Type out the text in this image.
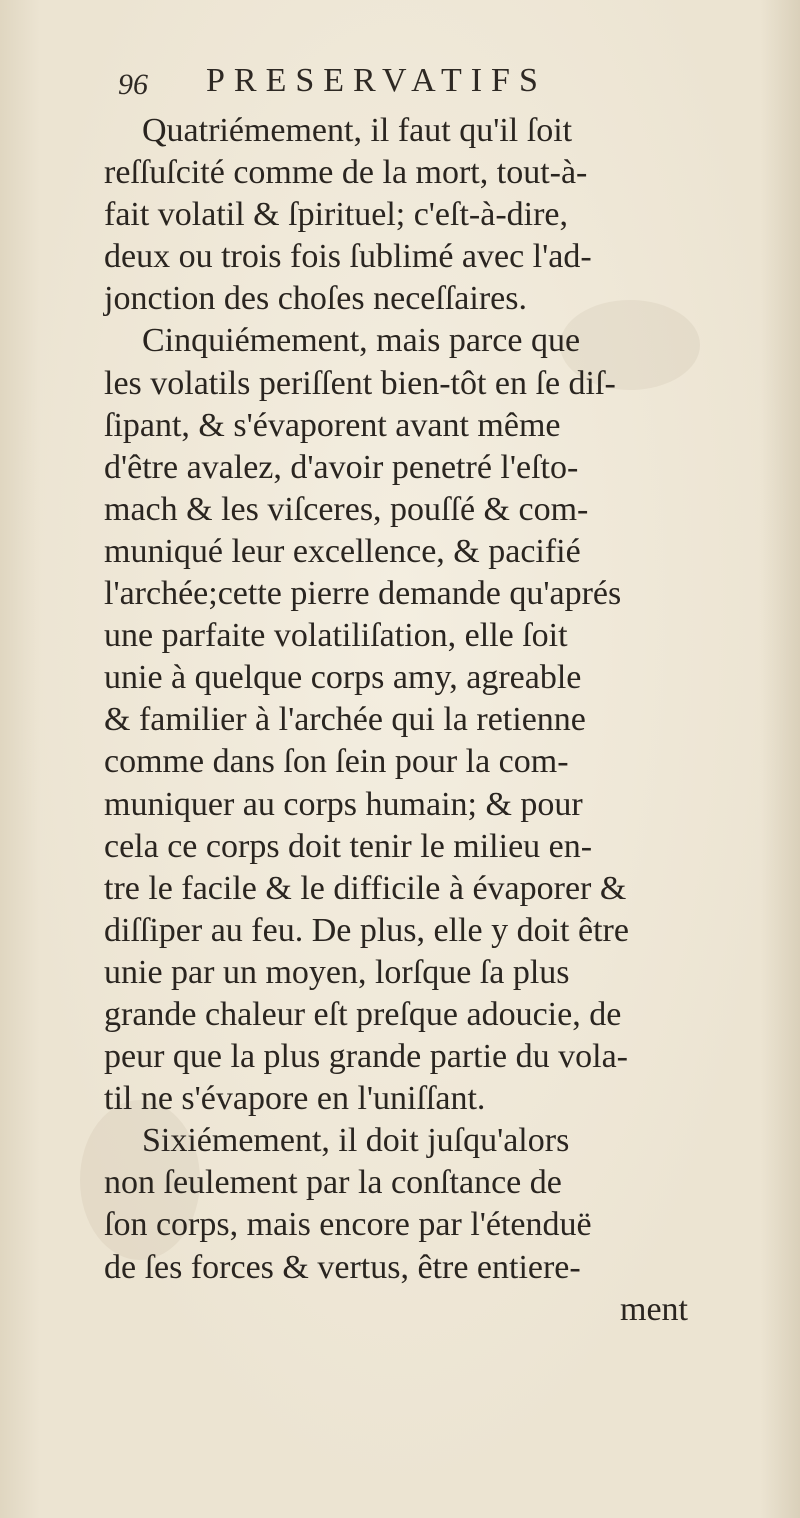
96 PRESERVATIFS
Quatriémement, il faut qu'il ſoit
reſſuſcité comme de la mort, tout-à-
fait volatil & ſpirituel; c'eſt-à-dire,
deux ou trois fois ſublimé avec l'ad-
jonction des choſes neceſſaires.
Cinquiémement, mais parce que
les volatils periſſent bien-tôt en ſe diſ-
ſipant, & s'évaporent avant même
d'être avalez, d'avoir penetré l'eſto-
mach & les viſceres, pouſſé & com-
muniqué leur excellence, & pacifié
l'archée;cette pierre demande qu'aprés
une parfaite volatiliſation, elle ſoit
unie à quelque corps amy, agreable
& familier à l'archée qui la retienne
comme dans ſon ſein pour la com-
muniquer au corps humain; & pour
cela ce corps doit tenir le milieu en-
tre le facile & le difficile à évaporer &
diſſiper au feu. De plus, elle y doit être
unie par un moyen, lorſque ſa plus
grande chaleur eſt preſque adoucie, de
peur que la plus grande partie du vola-
til ne s'évapore en l'uniſſant.
Sixiémement, il doit juſqu'alors
non ſeulement par la conſtance de
ſon corps, mais encore par l'étenduë
de ſes forces & vertus, être entiere-
ment
